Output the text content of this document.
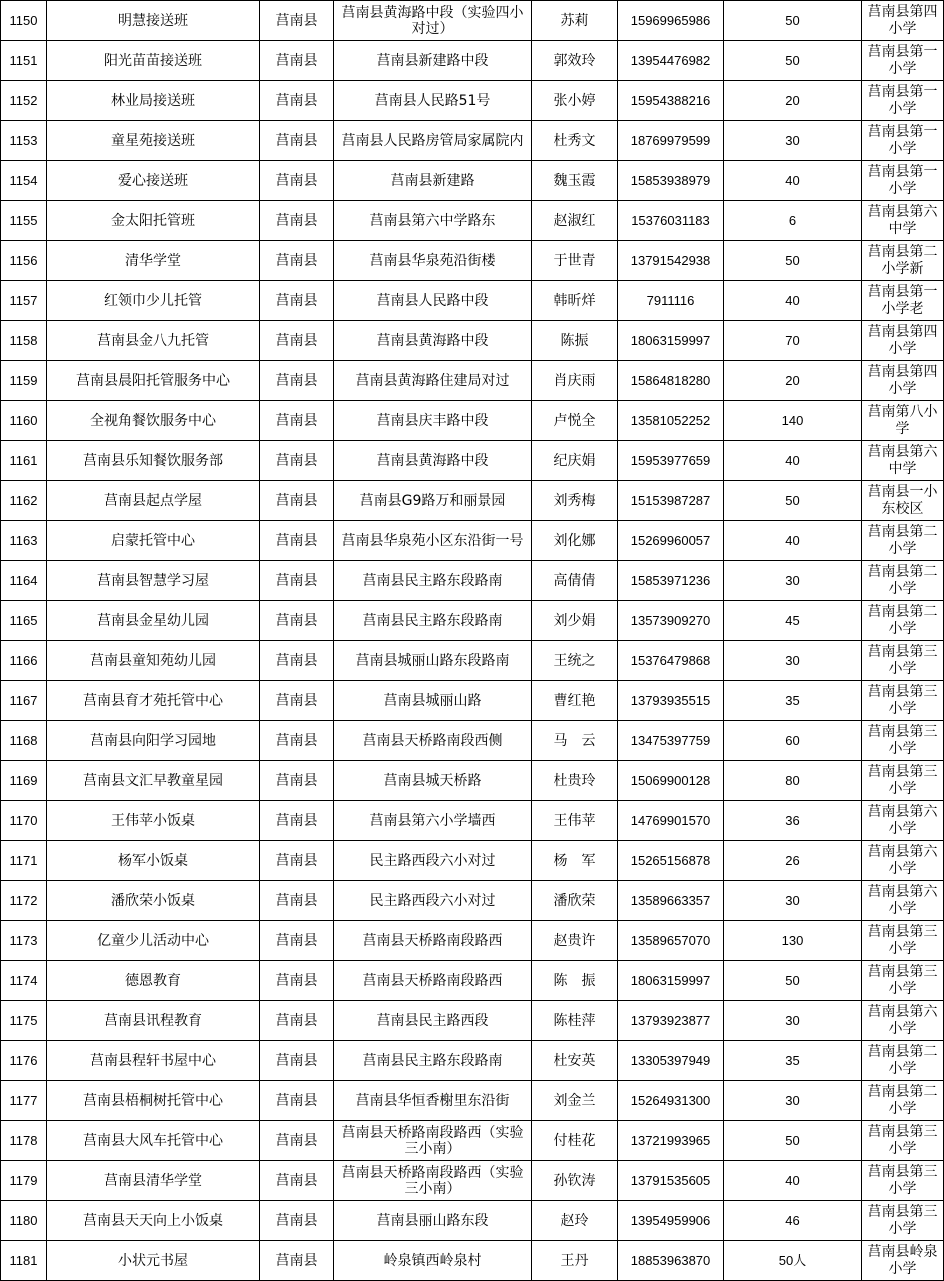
1150	明慧接送班	莒南县	莒南县黄海路中段（实验四小对过）	苏莉	15969965986	50	莒南县第四小学

1151	阳光苗苗接送班	莒南县	莒南县新建路中段	郭效玲	13954476982	50	莒南县第一小学

1152	林业局接送班	莒南县	莒南县人民路51号	张小婷	15954388216	20	莒南县第一小学

1153	童星苑接送班	莒南县	莒南县人民路房管局家属院内	杜秀文	18769979599	30	莒南县第一小学

1154	爱心接送班	莒南县	莒南县新建路	魏玉霞	15853938979	40	莒南县第一小学

1155	金太阳托管班	莒南县	莒南县第六中学路东	赵淑红	15376031183	6	莒南县第六中学

1156	清华学堂	莒南县	莒南县华泉苑沿街楼	于世青	13791542938	50	莒南县第二小学新

1157	红领巾少儿托管	莒南县	莒南县人民路中段	韩昕烊	7911116	40	莒南县第一小学老

1158	莒南县金八九托管	莒南县	莒南县黄海路中段	陈振	18063159997	70	莒南县第四小学

1159	莒南县晨阳托管服务中心	莒南县	莒南县黄海路住建局对过	肖庆雨	15864818280	20	莒南县第四小学

1160	全视角餐饮服务中心	莒南县	莒南县庆丰路中段	卢悦全	13581052252	140	莒南第八小学

1161	莒南县乐知餐饮服务部	莒南县	莒南县黄海路中段	纪庆娟	15953977659	40	莒南县第六中学

1162	莒南县起点学屋	莒南县	莒南县G9路万和丽景园	刘秀梅	15153987287	50	莒南县一小东校区

1163	启蒙托管中心	莒南县	莒南县华泉苑小区东沿街一号	刘化娜	15269960057	40	莒南县第二小学

1164	莒南县智慧学习屋	莒南县	莒南县民主路东段路南	高倩倩	15853971236	30	莒南县第二小学

1165	莒南县金星幼儿园	莒南县	莒南县民主路东段路南	刘少娟	13573909270	45	莒南县第二小学

1166	莒南县童知苑幼儿园	莒南县	莒南县城丽山路东段路南	王统之	15376479868	30	莒南县第三小学

1167	莒南县育才苑托管中心	莒南县	莒南县城丽山路	曹红艳	13793935515	35	莒南县第三小学

1168	莒南县向阳学习园地	莒南县	莒南县天桥路南段西侧	马　云	13475397759	60	莒南县第三小学

1169	莒南县文汇早教童星园	莒南县	莒南县城天桥路	杜贵玲	15069900128	80	莒南县第三小学

1170	王伟苹小饭桌	莒南县	莒南县第六小学墙西	王伟苹	14769901570	36	莒南县第六小学

1171	杨军小饭桌	莒南县	民主路西段六小对过	杨　军	15265156878	26	莒南县第六小学

1172	潘欣荣小饭桌	莒南县	民主路西段六小对过	潘欣荣	13589663357	30	莒南县第六小学

1173	亿童少儿活动中心	莒南县	莒南县天桥路南段路西	赵贵许	13589657070	130	莒南县第三小学

1174	德恩教育	莒南县	莒南县天桥路南段路西	陈　振	18063159997	50	莒南县第三小学

1175	莒南县讯程教育	莒南县	莒南县民主路西段	陈桂萍	13793923877	30	莒南县第六小学

1176	莒南县程轩书屋中心	莒南县	莒南县民主路东段路南	杜安英	13305397949	35	莒南县第二小学

1177	莒南县梧桐树托管中心	莒南县	莒南县华恒香榭里东沿街	刘金兰	15264931300	30	莒南县第二小学

1178	莒南县大风车托管中心	莒南县	莒南县天桥路南段路西（实验三小南）	付桂花	13721993965	50	莒南县第三小学

1179	莒南县清华学堂	莒南县	莒南县天桥路南段路西（实验三小南）	孙钦涛	13791535605	40	莒南县第三小学

1180	莒南县天天向上小饭桌	莒南县	莒南县丽山路东段	赵玲	13954959906	46	莒南县第三小学

1181	小状元书屋	莒南县	岭泉镇西岭泉村	王丹	18853963870	50人	莒南县岭泉小学
